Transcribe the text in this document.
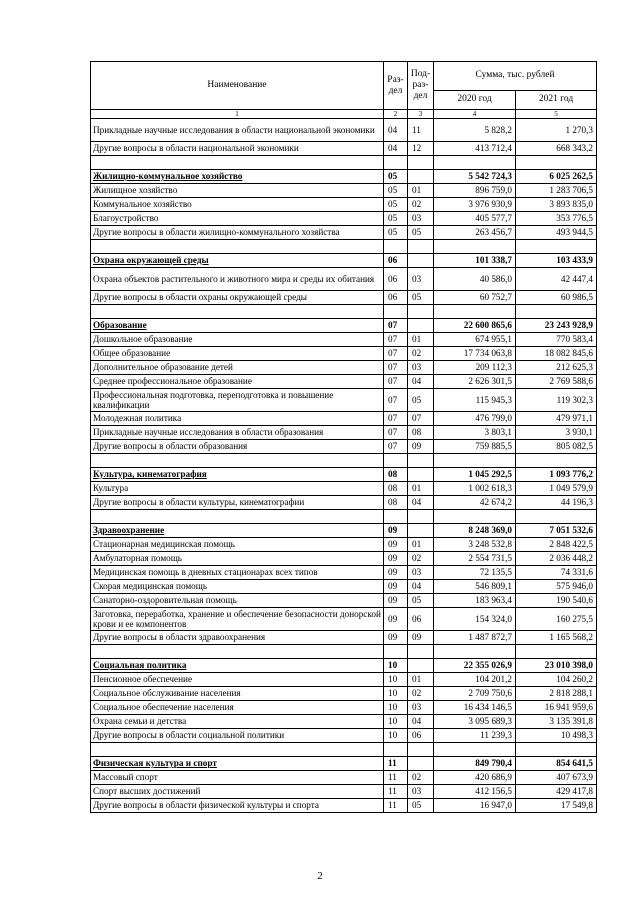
Наименование	Раз-дел	Под-раз-дел	Сумма, тыс. рублей	
			2020 год	2021 год
1	2	3	4	5
Прикладные научные исследования в области национальной экономики	04	11	5 828,2	1 270,3
Другие вопросы в области национальной экономики	04	12	413 712,4	668 343,2

Жилищно-коммунальное хозяйство	05		5 542 724,3	6 025 262,5
Жилищное хозяйство	05	01	896 759,0	1 283 706,5
Коммунальное хозяйство	05	02	3 976 930,9	3 893 835,0
Благоустройство	05	03	405 577,7	353 776,5
Другие вопросы в области жилищно-коммунального хозяйства	05	05	263 456,7	493 944,5

Охрана окружающей среды	06		101 338,7	103 433,9
Охрана объектов растительного и животного мира и среды их обитания	06	03	40 586,0	42 447,4
Другие вопросы в области охраны окружающей среды	06	05	60 752,7	60 986,5

Образование	07		22 600 865,6	23 243 928,9
Дошкольное образование	07	01	674 955,1	770 583,4
Общее образование	07	02	17 734 063,8	18 082 845,6
Дополнительное образование детей	07	03	209 112,3	212 625,3
Среднее профессиональное образование	07	04	2 626 301,5	2 769 588,6
Профессиональная подготовка, переподготовка и повышение квалификации	07	05	115 945,3	119 302,3
Молодежная политика	07	07	476 799,0	479 971,1
Прикладные научные исследования в области образования	07	08	3 803,1	3 930,1
Другие вопросы в области образования	07	09	759 885,5	805 082,5

Культура, кинематография	08		1 045 292,5	1 093 776,2
Культура	08	01	1 002 618,3	1 049 579,9
Другие вопросы в области культуры, кинематографии	08	04	42 674,2	44 196,3

Здравоохранение	09		8 248 369,0	7 051 532,6
Стационарная медицинская помощь	09	01	3 248 532,8	2 848 422,5
Амбулаторная помощь	09	02	2 554 731,5	2 036 448,2
Медицинская помощь в дневных стационарах всех типов	09	03	72 135,5	74 331,6
Скорая медицинская помощь	09	04	546 809,1	575 946,0
Санаторно-оздоровительная помощь	09	05	183 963,4	190 540,6
Заготовка, переработка, хранение и обеспечение безопасности донорской крови и ее компонентов	09	06	154 324,0	160 275,5
Другие вопросы в области здравоохранения	09	09	1 487 872,7	1 165 568,2

Социальная политика	10		22 355 026,9	23 010 398,0
Пенсионное обеспечение	10	01	104 201,2	104 260,2
Социальное обслуживание населения	10	02	2 709 750,6	2 818 288,1
Социальное обеспечение населения	10	03	16 434 146,5	16 941 959,6
Охрана семьи и детства	10	04	3 095 689,3	3 135 391,8
Другие вопросы в области социальной политики	10	06	11 239,3	10 498,3

Физическая культура и спорт	11		849 790,4	854 641,5
Массовый спорт	11	02	420 686,9	407 673,9
Спорт высших достижений	11	03	412 156,5	429 417,8
Другие вопросы в области физической культуры и спорта	11	05	16 947,0	17 549,8
2
